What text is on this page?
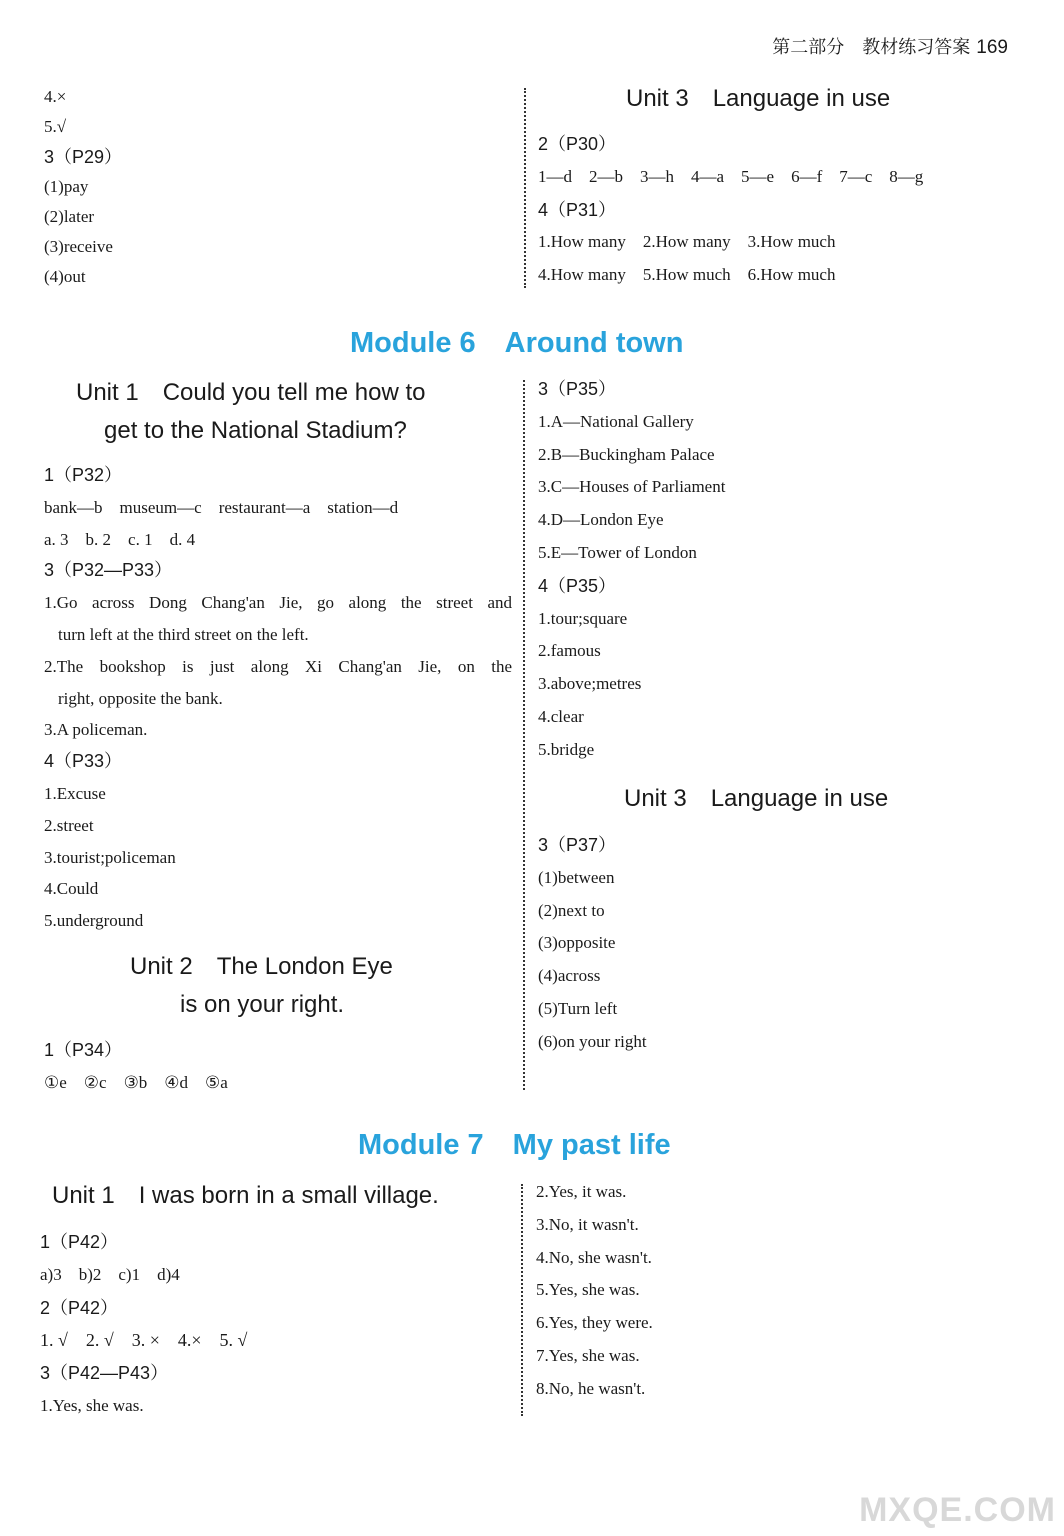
第二部分　教材练习答案 169
4.×
5.√
3（P29）
(1)pay
(2)later
(3)receive
(4)out
Unit 3　Language in use
2（P30）
1—d　2—b　3—h　4—a　5—e　6—f　7—c　8—g
4（P31）
1.How many　2.How many　3.How much
4.How many　5.How much　6.How much
Module 6　Around town
Unit 1　Could you tell me how to
get to the National Stadium?
1（P32）
bank—b　museum—c　restaurant—a　station—d
a. 3　b. 2　c. 1　d. 4
3（P32—P33）
1.Go across Dong Chang'an Jie, go along the street and
turn left at the third street on the left.
2.The bookshop is just along Xi Chang'an Jie, on the
right, opposite the bank.
3.A policeman.
4（P33）
1.Excuse
2.street
3.tourist;policeman
4.Could
5.underground
Unit 2　The London Eye
is on your right.
1（P34）
①e　②c　③b　④d　⑤a
3（P35）
1.A—National Gallery
2.B—Buckingham Palace
3.C—Houses of Parliament
4.D—London Eye
5.E—Tower of London
4（P35）
1.tour;square
2.famous
3.above;metres
4.clear
5.bridge
Unit 3　Language in use
3（P37）
(1)between
(2)next to
(3)opposite
(4)across
(5)Turn left
(6)on your right
Module 7　My past life
Unit 1　I was born in a small village.
1（P42）
a)3　b)2　c)1　d)4
2（P42）
1. √　2. √　3. ×　4.×　5. √
3（P42—P43）
1.Yes, she was.
2.Yes, it was.
3.No, it wasn't.
4.No, she wasn't.
5.Yes, she was.
6.Yes, they were.
7.Yes, she was.
8.No, he wasn't.
MXQE.COM
